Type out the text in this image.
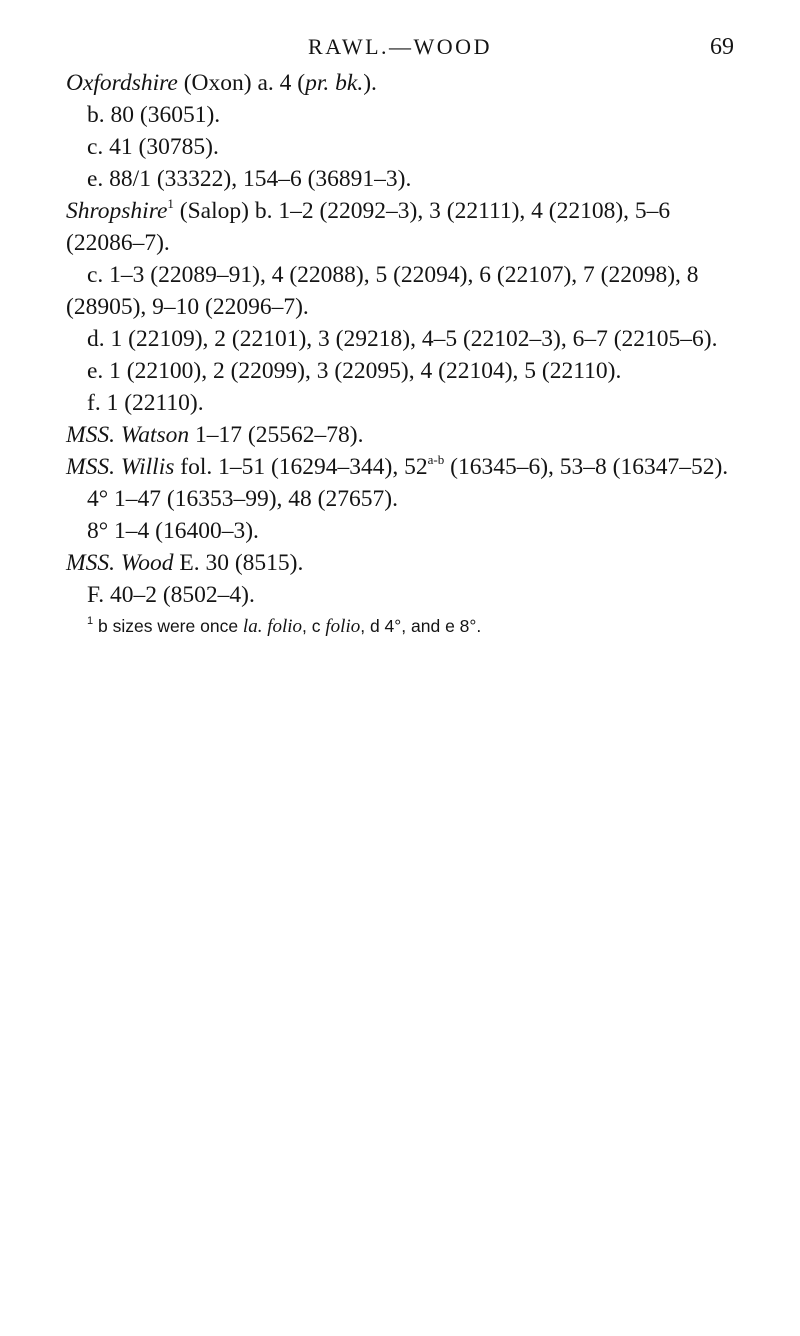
RAWL.—WOOD	69
Oxfordshire (Oxon) a. 4 (pr. bk.).
b. 80 (36051).
c. 41 (30785).
e. 88/1 (33322), 154–6 (36891–3).
Shropshire$^1$ (Salop) b. 1–2 (22092–3), 3 (22111), 4 (22108), 5–6
(22086–7).
c. 1–3 (22089–91), 4 (22088), 5 (22094), 6 (22107), 7 (22098), 8
(28905), 9–10 (22096–7).
d. 1 (22109), 2 (22101), 3 (29218), 4–5 (22102–3), 6–7 (22105–6).
e. 1 (22100), 2 (22099), 3 (22095), 4 (22104), 5 (22110).
f. 1 (22110).
MSS. Watson 1–17 (25562–78).
MSS. Willis fol. 1–51 (16294–344), 52$^{a-b}$ (16345–6), 53–8 (16347–52).
4° 1–47 (16353–99), 48 (27657).
8° 1–4 (16400–3).
MSS. Wood E. 30 (8515).
F. 40–2 (8502–4).
$^1$ b sizes were once la. folio, c folio, d 4°, and e 8°.
